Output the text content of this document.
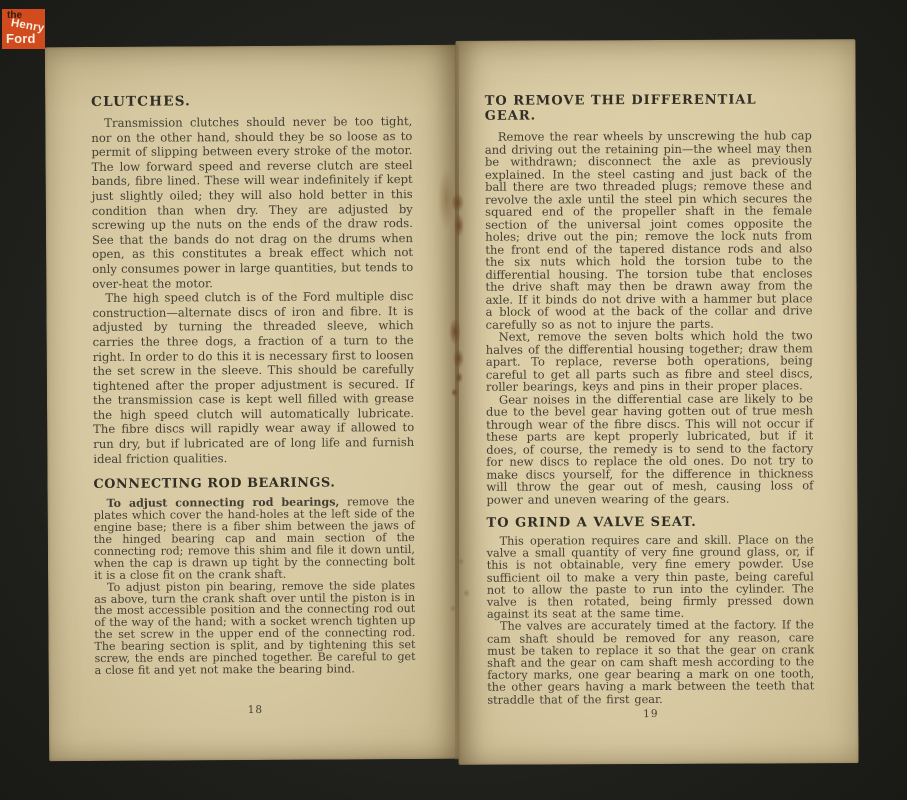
the
Henry
Ford
CLUTCHES.

Transmission clutches should never be too tight, nor on the other hand, should they be so loose as to permit of slipping between every stroke of the motor. The low forward speed and reverse clutch are steel bands, fibre lined. These will wear indefinitely if kept just slightly oiled; they will also hold better in this condition than when dry. They are adjusted by screwing up the nuts on the ends of the draw rods. See that the bands do not drag on the drums when open, as this constitutes a break effect which not only consumes power in large quantities, but tends to over-heat the motor.

The high speed clutch is of the Ford multiple disc construction—alternate discs of iron and fibre. It is adjusted by turning the threaded sleeve, which carries the three dogs, a fraction of a turn to the right. In order to do this it is necessary first to loosen the set screw in the sleeve. This should be carefully tightened after the proper adjustment is secured. If the transmission case is kept well filled with grease the high speed clutch will automatically lubricate. The fibre discs will rapidly wear away if allowed to run dry, but if lubricated are of long life and furnish ideal friction qualities.

CONNECTING ROD BEARINGS.

To adjust connecting rod bearings, remove the plates which cover the hand-holes at the left side of the engine base; there is a fiber shim between the jaws of the hinged bearing cap and main section of the connecting rod; remove this shim and file it down until, when the cap is drawn up tight by the connecting bolt it is a close fit on the crank shaft.

To adjust piston pin bearing, remove the side plates as above, turn the crank shaft over until the piston is in the most accessible position and the connecting rod out of the way of the hand; with a socket wrench tighten up the set screw in the upper end of the connecting rod. The bearing section is split, and by tightening this set screw, the ends are pinched together. Be careful to get a close fit and yet not make the bearing bind.

18
TO REMOVE THE DIFFERENTIAL GEAR.

Remove the rear wheels by unscrewing the hub cap and driving out the retaining pin—the wheel may then be withdrawn; disconnect the axle as previously explained. In the steel casting and just back of the ball there are two threaded plugs; remove these and revolve the axle until the steel pin which secures the squared end of the propeller shaft in the female section of the universal joint comes opposite the holes; drive out the pin; remove the lock nuts from the front end of the tapered distance rods and also the six nuts which hold the torsion tube to the differential housing. The torsion tube that encloses the drive shaft may then be drawn away from the axle. If it binds do not drive with a hammer but place a block of wood at the back of the collar and drive carefully so as not to injure the parts.

Next, remove the seven bolts which hold the two halves of the differential housing together; draw them apart. To replace, reverse both operations, being careful to get all parts such as fibre and steel discs, roller bearings, keys and pins in their proper places.

Gear noises in the differential case are likely to be due to the bevel gear having gotten out of true mesh through wear of the fibre discs. This will not occur if these parts are kept properly lubricated, but if it does, of course, the remedy is to send to the factory for new discs to replace the old ones. Do not try to make discs yourself, for the difference in thickness will throw the gear out of mesh, causing loss of power and uneven wearing of the gears.

TO GRIND A VALVE SEAT.

This operation requires care and skill. Place on the valve a small quantity of very fine ground glass, or, if this is not obtainable, very fine emery powder. Use sufficient oil to make a very thin paste, being careful not to allow the paste to run into the cylinder. The valve is then rotated, being firmly pressed down against its seat at the same time.

The valves are accurately timed at the factory. If the cam shaft should be removed for any reason, care must be taken to replace it so that the gear on crank shaft and the gear on cam shaft mesh according to the factory marks, one gear bearing a mark on one tooth, the other gears having a mark between the teeth that straddle that of the first gear.

19
